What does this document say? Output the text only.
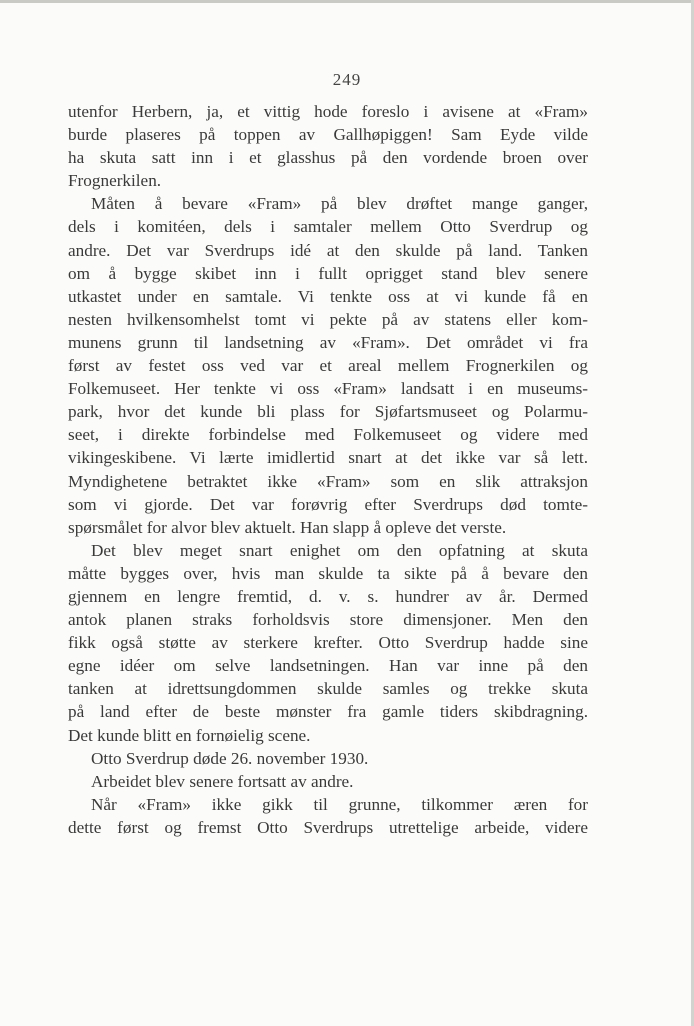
249
utenfor Herbern, ja, et vittig hode foreslo i avisene at «Fram»
burde plaseres på toppen av Gallhøpiggen! Sam Eyde vilde
ha skuta satt inn i et glasshus på den vordende broen over
Frognerkilen.
Måten å bevare «Fram» på blev drøftet mange ganger,
dels i komitéen, dels i samtaler mellem Otto Sverdrup og
andre. Det var Sverdrups idé at den skulde på land. Tanken
om å bygge skibet inn i fullt oprigget stand blev senere
utkastet under en samtale. Vi tenkte oss at vi kunde få en
nesten hvilkensomhelst tomt vi pekte på av statens eller kom-
munens grunn til landsetning av «Fram». Det området vi fra
først av festet oss ved var et areal mellem Frognerkilen og
Folkemuseet. Her tenkte vi oss «Fram» landsatt i en museums-
park, hvor det kunde bli plass for Sjøfartsmuseet og Polarmu-
seet, i direkte forbindelse med Folkemuseet og videre med
vikingeskibene. Vi lærte imidlertid snart at det ikke var så lett.
Myndighetene betraktet ikke «Fram» som en slik attraksjon
som vi gjorde. Det var forøvrig efter Sverdrups død tomte-
spørsmålet for alvor blev aktuelt. Han slapp å opleve det verste.
Det blev meget snart enighet om den opfatning at skuta
måtte bygges over, hvis man skulde ta sikte på å bevare den
gjennem en lengre fremtid, d. v. s. hundrer av år. Dermed
antok planen straks forholdsvis store dimensjoner. Men den
fikk også støtte av sterkere krefter. Otto Sverdrup hadde sine
egne idéer om selve landsetningen. Han var inne på den
tanken at idrettsungdommen skulde samles og trekke skuta
på land efter de beste mønster fra gamle tiders skibdragning.
Det kunde blitt en fornøielig scene.
Otto Sverdrup døde 26. november 1930.
Arbeidet blev senere fortsatt av andre.
Når «Fram» ikke gikk til grunne, tilkommer æren for
dette først og fremst Otto Sverdrups utrettelige arbeide, videre
